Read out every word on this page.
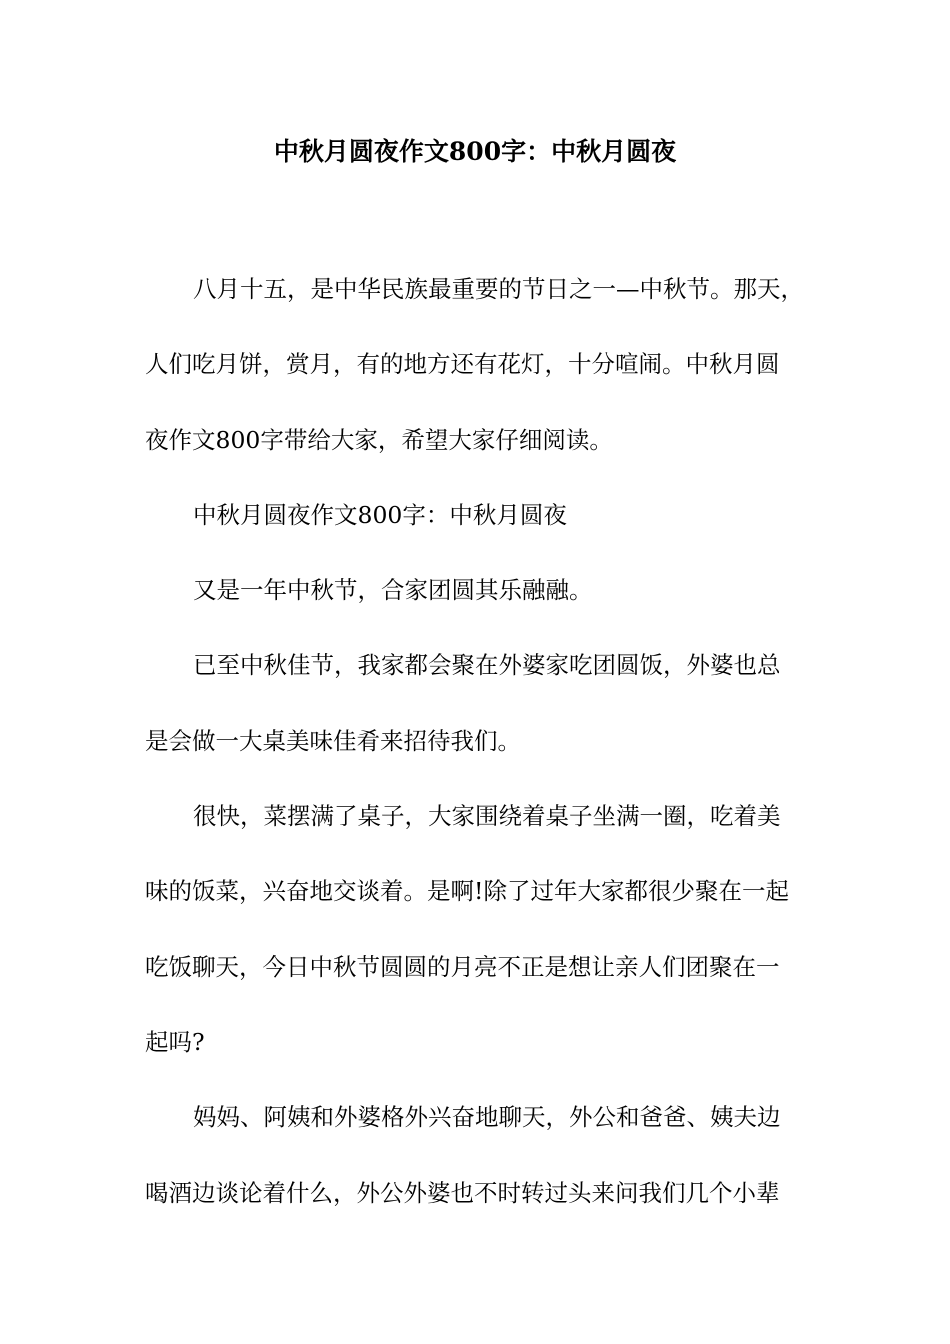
中秋月圆夜作文800字：中秋月圆夜

八月十五，是中华民族最重要的节日之一—中秋节。那天，
人们吃月饼，赏月，有的地方还有花灯，十分喧闹。中秋月圆
夜作文800字带给大家，希望大家仔细阅读。

中秋月圆夜作文800字：中秋月圆夜

又是一年中秋节，合家团圆其乐融融。

已至中秋佳节，我家都会聚在外婆家吃团圆饭，外婆也总
是会做一大桌美味佳肴来招待我们。

很快，菜摆满了桌子，大家围绕着桌子坐满一圈，吃着美
味的饭菜，兴奋地交谈着。是啊!除了过年大家都很少聚在一起
吃饭聊天，今日中秋节圆圆的月亮不正是想让亲人们团聚在一
起吗?

妈妈、阿姨和外婆格外兴奋地聊天，外公和爸爸、姨夫边
喝酒边谈论着什么，外公外婆也不时转过头来问我们几个小辈
